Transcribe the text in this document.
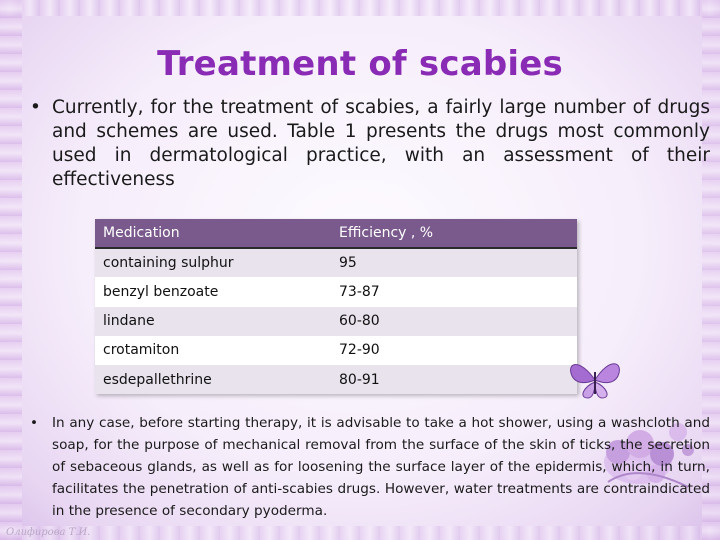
Treatment of scabies
• Currently, for the treatment of scabies, a fairly large number of drugs and schemes are used. Table 1 presents the drugs most commonly used in dermatological practice, with an assessment of their effectiveness
Medication	Efficiency , %
containing sulphur	95
benzyl benzoate	73-87
lindane	60-80
crotamiton	72-90
esdepallethrine	80-91
• In any case, before starting therapy, it is advisable to take a hot shower, using a washcloth and soap, for the purpose of mechanical removal from the surface of the skin of ticks, the secretion of sebaceous glands, as well as for loosening the surface layer of the epidermis, which, in turn, facilitates the penetration of anti-scabies drugs. However, water treatments are contraindicated in the presence of secondary pyoderma.
Олифирова Т.И.
